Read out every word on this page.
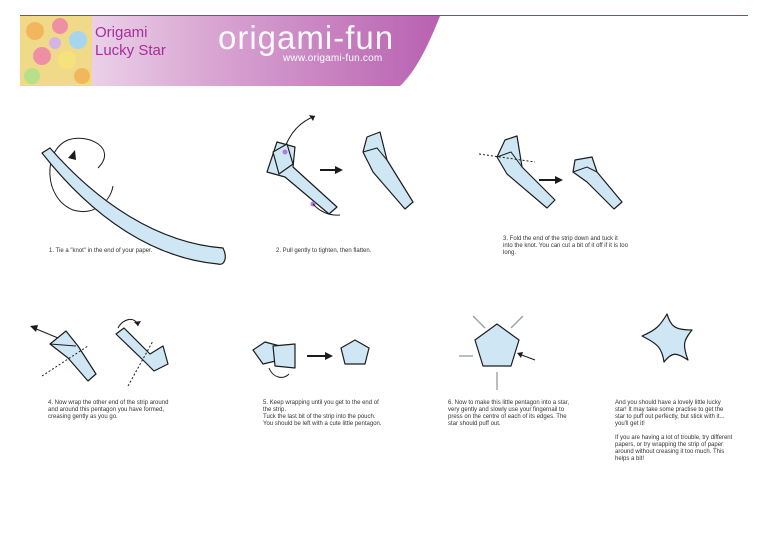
Origami
Lucky Star origami-fun
www.origami-fun.com
1. Tie a "knot" in the end of your paper.	2. Pull gently to tighten, then flatten.
3. Fold the end of the strip down and tuck it into the knot. You can cut a bit of it off if it is too long.
4. Now wrap the other end of the strip around and around this pentagon you have formed, creasing gently as you go.
5. Keep wrapping until you get to the end of the strip.
Tuck the last bit of the strip into the pouch. You should be left with a cute little pentagon.
6. Now to make this little pentagon into a star, very gently and slowly use your fingernail to press on the centre of each of its edges. The star should puff out.
And you should have a lovely little lucky star! It may take some practise to get the star to puff out perfectly, but stick with it... you'll get it!

If you are having a lot of trouble, try different papers, or try wrapping the strip of paper around without creasing it too much. This helps a bit!
